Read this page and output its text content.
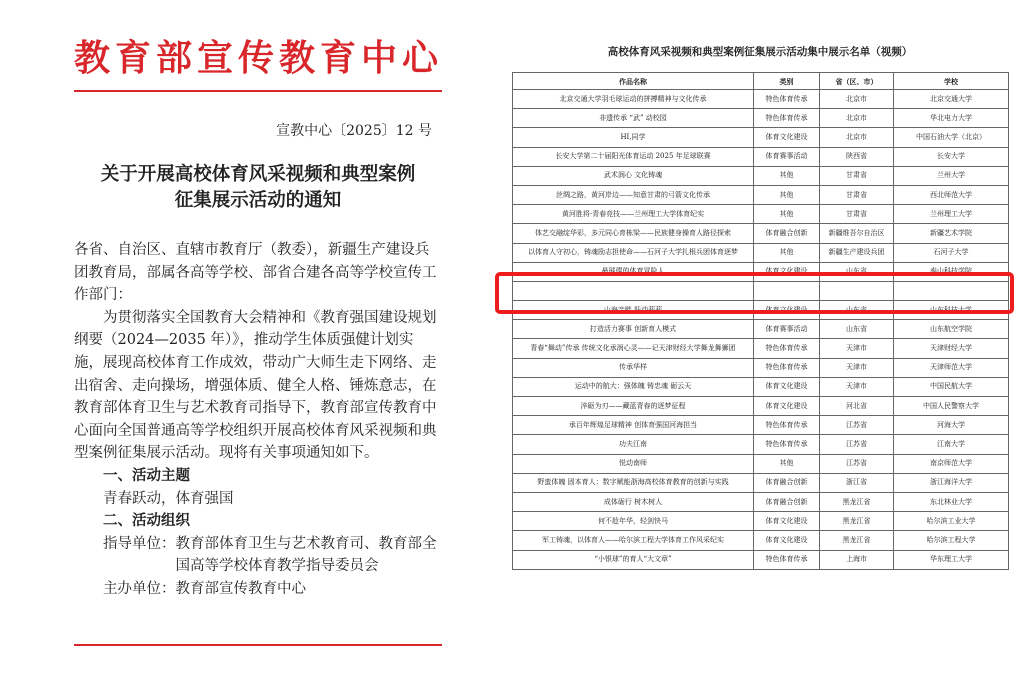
教育部宣传教育中心
宣教中心〔2025〕12 号
关于开展高校体育风采视频和典型案例
征集展示活动的通知

各省、自治区、直辖市教育厅（教委），新疆生产建设兵团教育局，部属各高等学校、部省合建各高等学校宣传工作部门：

为贯彻落实全国教育大会精神和《教育强国建设规划纲要（2024—2035 年）》，推动学生体质强健计划实施，展现高校体育工作成效，带动广大师生走下网络、走出宿舍、走向操场，增强体质、健全人格、锤炼意志，在教育部体育卫生与艺术教育司指导下，教育部宣传教育中心面向全国普通高等学校组织开展高校体育风采视频和典型案例征集展示活动。现将有关事项通知如下。

一、活动主题

青春跃动，体育强国

二、活动组织

指导单位： 教育部体育卫生与艺术教育司、教育部全国高等学校体育教学指导委员会

主办单位： 教育部宣传教育中心

高校体育风采视频和典型案例征集展示活动集中展示名单（视频）
作品名称	类别	省（区、市）	学校
北京交通大学羽毛球运动的拼搏精神与文化传承	特色体育传承	北京市	北京交通大学
非遗传承 “武” 动校园	特色体育传承	北京市	华北电力大学
HI,同学	体育文化建设	北京市	中国石油大学（北京）
长安大学第二十届阳光体育运动 2025 年足球联赛	体育赛事活动	陕西省	长安大学
武术润心 文化铸魂	其他	甘肃省	兰州大学
丝绸之路，黄河岸边——知意甘肃的弓箭文化传承	其他	甘肃省	西北师范大学
黄河胜将·青春竞技——兰州理工大学体育纪实	其他	甘肃省	兰州理工大学
体艺交融绽华彩，多元同心育栋梁——民族健身操育人路径探索	体育融合创新	新疆维吾尔自治区	新疆艺术学院
以体育人守初心，铸魂励志担使命——石河子大学扎根兵团体育逐梦	其他	新疆生产建设兵团	石河子大学
最璀璨的体育冒险人	体育文化建设	山东省	泰山科技学院

山海亲畔 跃动莉莉	体育文化建设	山东省	山东科技大学
打造活力赛事 创新育人模式	体育赛事活动	山东省	山东航空学院
青春“舞动”传承 传统文化承润心灵——记天津财经大学舞龙舞狮团	特色体育传承	天津市	天津财经大学
传承华样	特色体育传承	天津市	天津师范大学
运动中的航大：强体魄 铸忠魂 砺云天	体育文化建设	天津市	中国民航大学
淬砺为刃——藏蓝青春的逐梦征程	体育文化建设	河北省	中国人民警察大学
承百年辉煌足球精神 创体育强国河海担当	特色体育传承	江苏省	河海大学
功夫江南	特色体育传承	江苏省	江南大学
悦动南师	其他	江苏省	南京师范大学
野蛮体魄 固本育人：数字赋能浙海高校体育教育的创新与实践	体育融合创新	浙江省	浙江海洋大学
成体砺行 树木树人	体育融合创新	黑龙江省	东北林业大学
何不趁年华，轻剑快马	体育文化建设	黑龙江省	哈尔滨工业大学
军工铸魂，以体育人——哈尔滨工程大学体育工作风采纪实	体育文化建设	黑龙江省	哈尔滨工程大学
“小银球”的育人“大文章”	特色体育传承	上海市	华东理工大学
